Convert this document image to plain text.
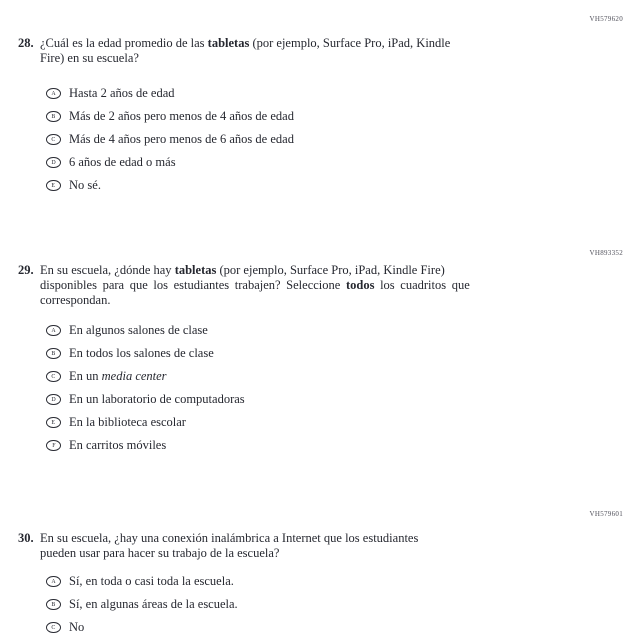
VH579620
VH893352
VH579601
28. ¿Cuál es la edad promedio de las tabletas (por ejemplo, Surface Pro, iPad, Kindle
Fire) en su escuela?
A Hasta 2 años de edad
B Más de 2 años pero menos de 4 años de edad
C Más de 4 años pero menos de 6 años de edad
D 6 años de edad o más
E No sé.
29. En su escuela, ¿dónde hay tabletas (por ejemplo, Surface Pro, iPad, Kindle Fire)
disponibles para que los estudiantes trabajen? Seleccione todos los cuadritos que
correspondan.
A En algunos salones de clase
B En todos los salones de clase
C En un media center
D En un laboratorio de computadoras
E En la biblioteca escolar
F En carritos móviles
30. En su escuela, ¿hay una conexión inalámbrica a Internet que los estudiantes
pueden usar para hacer su trabajo de la escuela?
A Sí, en toda o casi toda la escuela.
B Sí, en algunas áreas de la escuela.
C No
